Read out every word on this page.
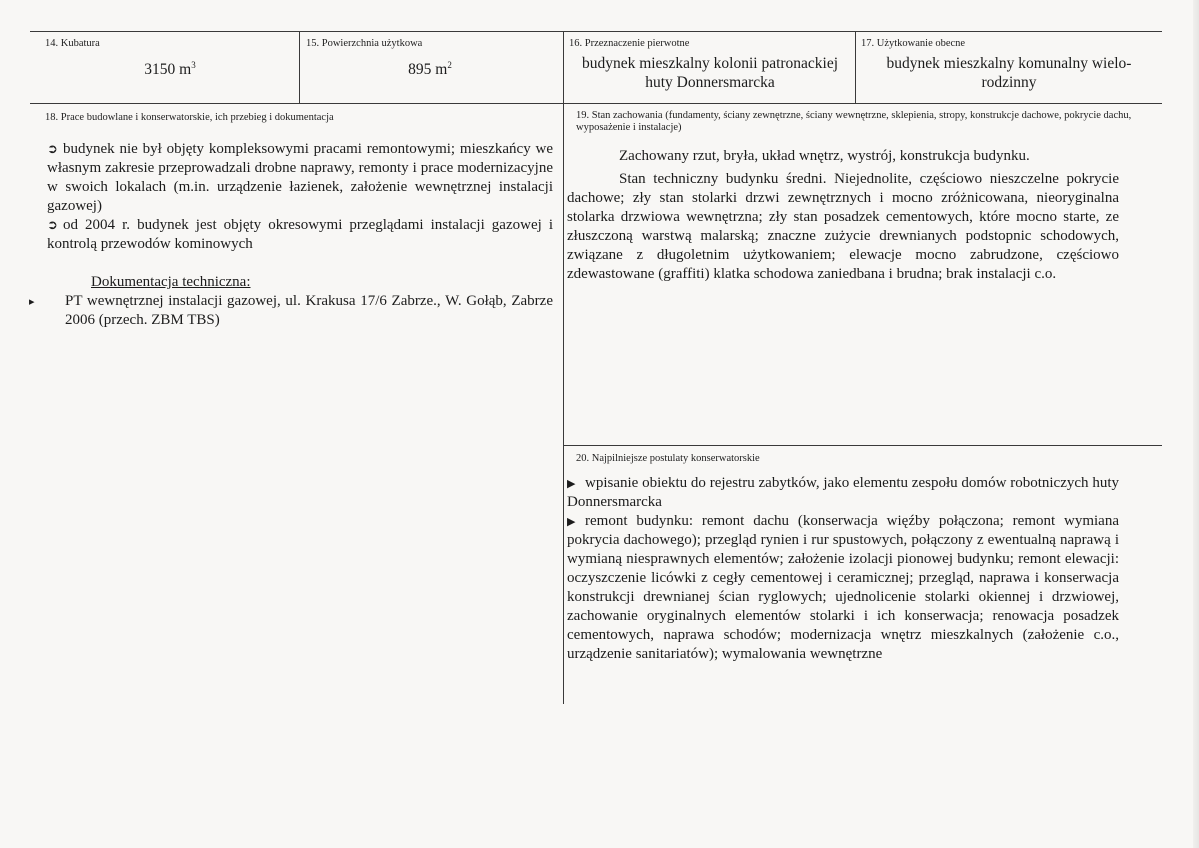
14. Kubatura
3150 $m^3$
15. Powierzchnia użytkowa
895 $m^2$
16. Przeznaczenie pierwotne
budynek mieszkalny kolonii patronackiej
huty Donnersmarcka
17. Użytkowanie obecne
budynek mieszkalny komunalny wielo-
rodzinny
18. Prace budowlane i konserwatorskie, ich przebieg i dokumentacja

➲ budynek nie był objęty kompleksowymi pracami remontowymi; mieszkańcy we własnym zakresie przeprowadzali drobne naprawy, remonty i prace modernizacyjne w swoich lokalach (m.in. urządzenie łazienek, założenie wewnętrznej instalacji gazowej)

➲ od 2004 r. budynek jest objęty okresowymi przeglądami instalacji gazowej i kontrolą przewodów kominowych

Dokumentacja techniczna:

▸ PT wewnętrznej instalacji gazowej, ul. Krakusa 17/6 Zabrze., W. Gołąb, Zabrze 2006 (przech. ZBM TBS)

19. Stan zachowania (fundamenty, ściany zewnętrzne, ściany wewnętrzne, sklepienia, stropy, konstrukcje dachowe, pokrycie dachu, wyposażenie i instalacje)

Zachowany rzut, bryła, układ wnętrz, wystrój, konstrukcja budynku.

Stan techniczny budynku średni. Niejednolite, częściowo nieszczelne pokrycie dachowe; zły stan stolarki drzwi zewnętrznych i mocno zróżnicowana, nieoryginalna stolarka drzwiowa wewnętrzna; zły stan posadzek cementowych, które mocno starte, ze złuszczoną warstwą malarską; znaczne zużycie drewnianych podstopnic schodowych, związane z długoletnim użytkowaniem; elewacje mocno zabrudzone, częściowo zdewastowane (graffiti) klatka schodowa zaniedbana i brudna; brak instalacji c.o.

20. Najpilniejsze postulaty konserwatorskie

▶ wpisanie obiektu do rejestru zabytków, jako elementu zespołu domów robotniczych huty Donnersmarcka

▶ remont budynku: remont dachu (konserwacja więźby połączona; remont wymiana pokrycia dachowego); przegląd rynien i rur spustowych, połączony z ewentualną naprawą i wymianą niesprawnych elementów; założenie izolacji pionowej budynku; remont elewacji: oczyszczenie licówki z cegły cementowej i ceramicznej; przegląd, naprawa i konserwacja konstrukcji drewnianej ścian ryglowych; ujednolicenie stolarki okiennej i drzwiowej, zachowanie oryginalnych elementów stolarki i ich konserwacja; renowacja posadzek cementowych, naprawa schodów; modernizacja wnętrz mieszkalnych (założenie c.o., urządzenie sanitariatów); wymalowania wewnętrzne
